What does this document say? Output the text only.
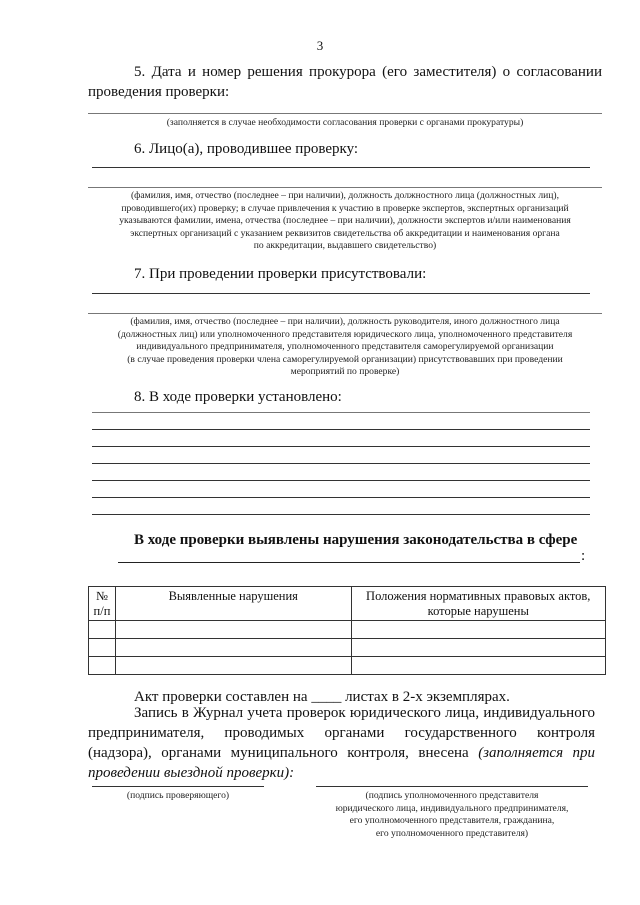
3
5. Дата и номер решения прокурора (его заместителя) о согласовании проведения проверки:
(заполняется в случае необходимости согласования проверки с органами прокуратуры)
6. Лицо(а), проводившее проверку:
(фамилия, имя, отчество (последнее – при наличии), должность должностного лица (должностных лиц),
проводившего(их) проверку; в случае привлечения к участию в проверке экспертов, экспертных организаций
указываются фамилии, имена, отчества (последнее – при наличии), должности экспертов и/или наименования
экспертных организаций с указанием реквизитов свидетельства об аккредитации и наименования органа
по аккредитации, выдавшего свидетельство)
7. При проведении проверки присутствовали:
(фамилия, имя, отчество (последнее – при наличии), должность руководителя, иного должностного лица
(должностных лиц) или уполномоченного представителя юридического лица, уполномоченного представителя
индивидуального предпринимателя, уполномоченного представителя саморегулируемой организации
(в случае проведения проверки члена саморегулируемой организации) присутствовавших при проведении
мероприятий по проверке)
8. В ходе проверки установлено:
В ходе проверки выявлены нарушения законодательства в сфере
:
№ п/п	Выявленные нарушения	Положения нормативных правовых актов, которые нарушены

Акт проверки составлен на ____ листах в 2-х экземплярах.
Запись в Журнал учета проверок юридического лица, индивидуального предпринимателя, проводимых органами государственного контроля (надзора), органами муниципального контроля, внесена (заполняется при проведении выездной проверки):
(подпись проверяющего)	(подпись уполномоченного представителя
юридического лица, индивидуального предпринимателя,
его уполномоченного представителя, гражданина,
его уполномоченного представителя)
